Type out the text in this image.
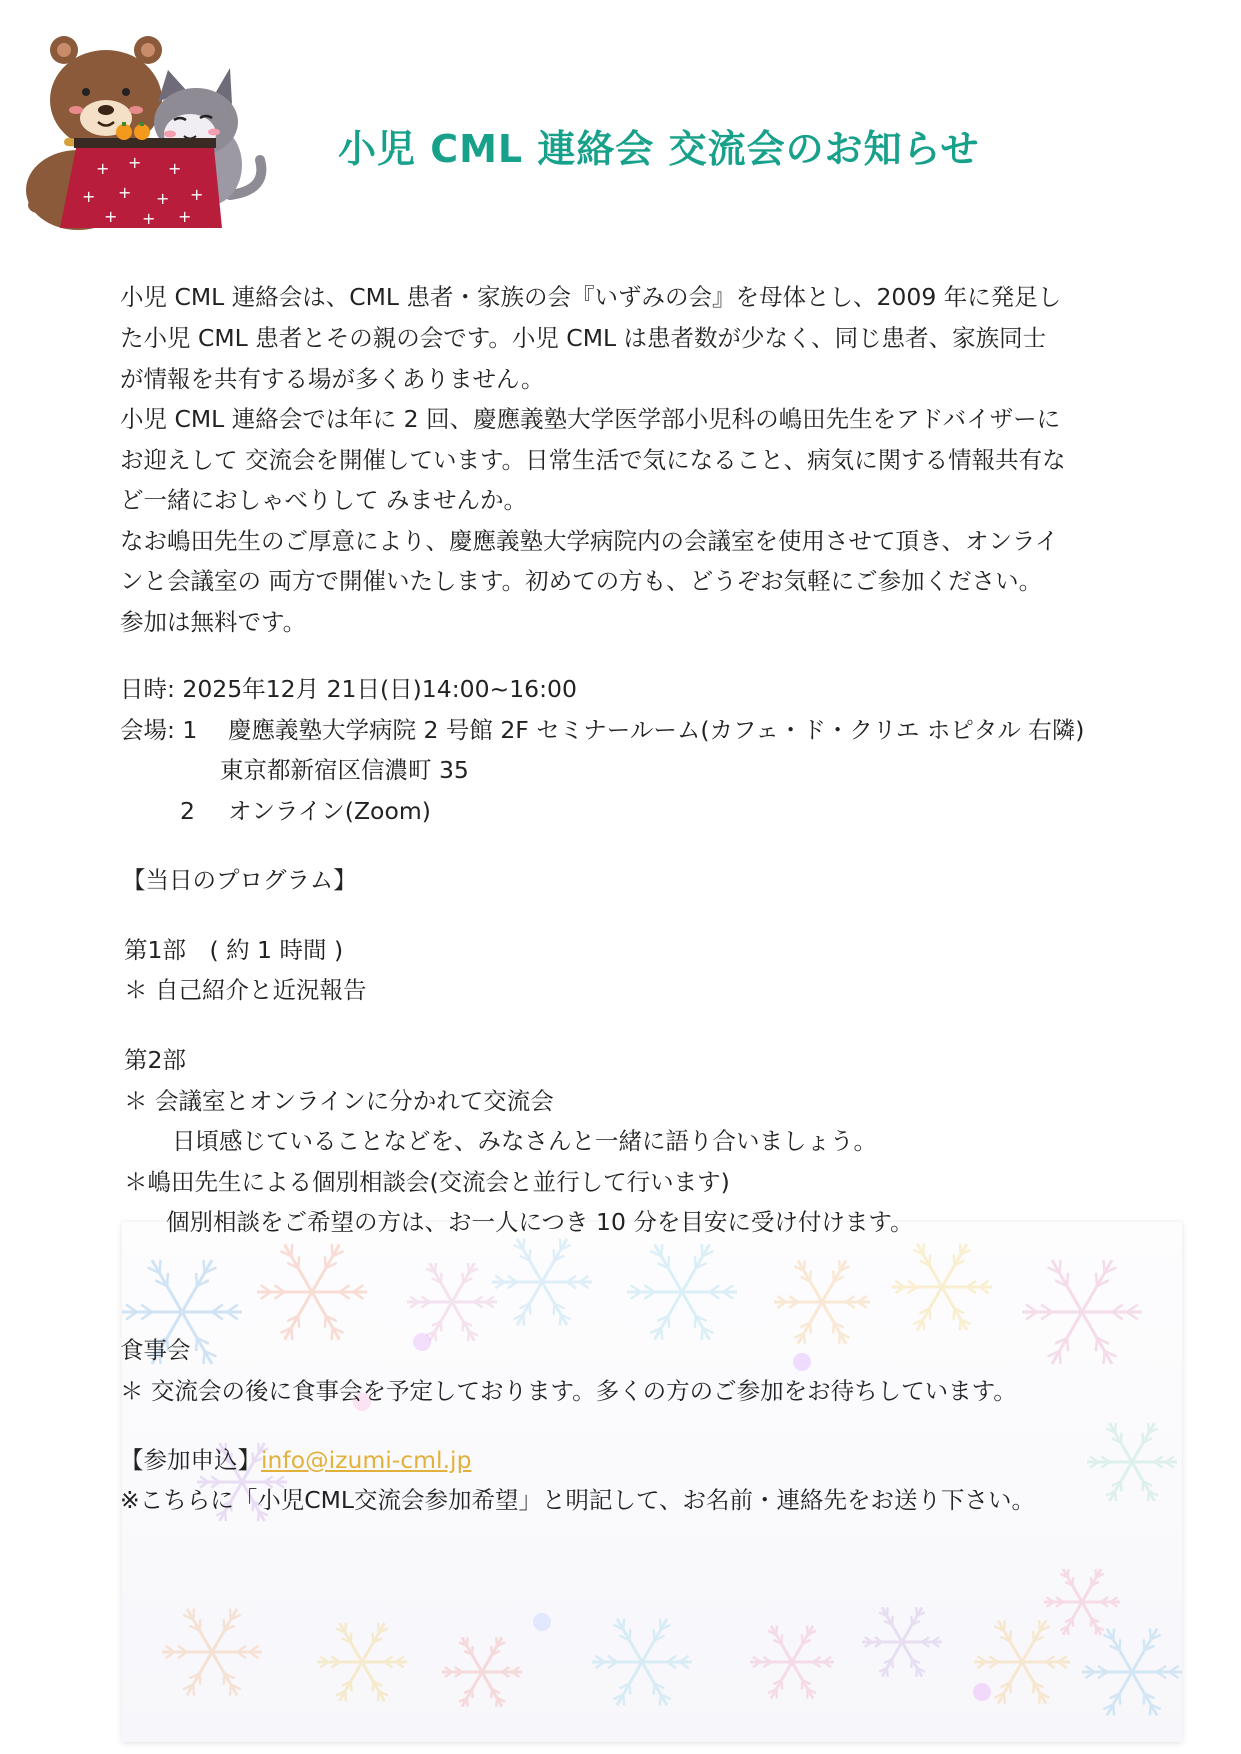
+ + +
+ + + +
+ + +
小児 CML 連絡会 交流会のお知らせ
小児 CML 連絡会は、CML 患者・家族の会『いずみの会』を母体とし、2009 年に発足し
た小児 CML 患者とその親の会です。小児 CML は患者数が少なく、同じ患者、家族同士
が情報を共有する場が多くありません。
小児 CML 連絡会では年に 2 回、慶應義塾大学医学部小児科の嶋田先生をアドバイザーに
お迎えして 交流会を開催しています。日常生活で気になること、病気に関する情報共有な
ど一緒におしゃべりして みませんか。
なお嶋田先生のご厚意により、慶應義塾大学病院内の会議室を使用させて頂き、オンライ
ンと会議室の 両方で開催いたします。初めての方も、どうぞお気軽にご参加ください。
参加は無料です。
日時: 2025年12月 21日(日)14:00~16:00
会場: 1 慶應義塾大学病院 2 号館 2F セミナールーム(カフェ・ド・クリエ ホピタル 右隣)
東京都新宿区信濃町 35
2 オンライン(Zoom)
【当日のプログラム】
第1部　( 約 1 時間 )
＊ 自己紹介と近況報告
第2部
＊ 会議室とオンラインに分かれて交流会
日頃感じていることなどを、みなさんと一緒に語り合いましょう。
＊嶋田先生による個別相談会(交流会と並行して行います)
個別相談をご希望の方は、お一人につき 10 分を目安に受け付けます。
食事会
＊ 交流会の後に食事会を予定しております。多くの方のご参加をお待ちしています。
【参加申込】info@izumi-cml.jp
※こちらに「小児CML交流会参加希望」と明記して、お名前・連絡先をお送り下さい。
